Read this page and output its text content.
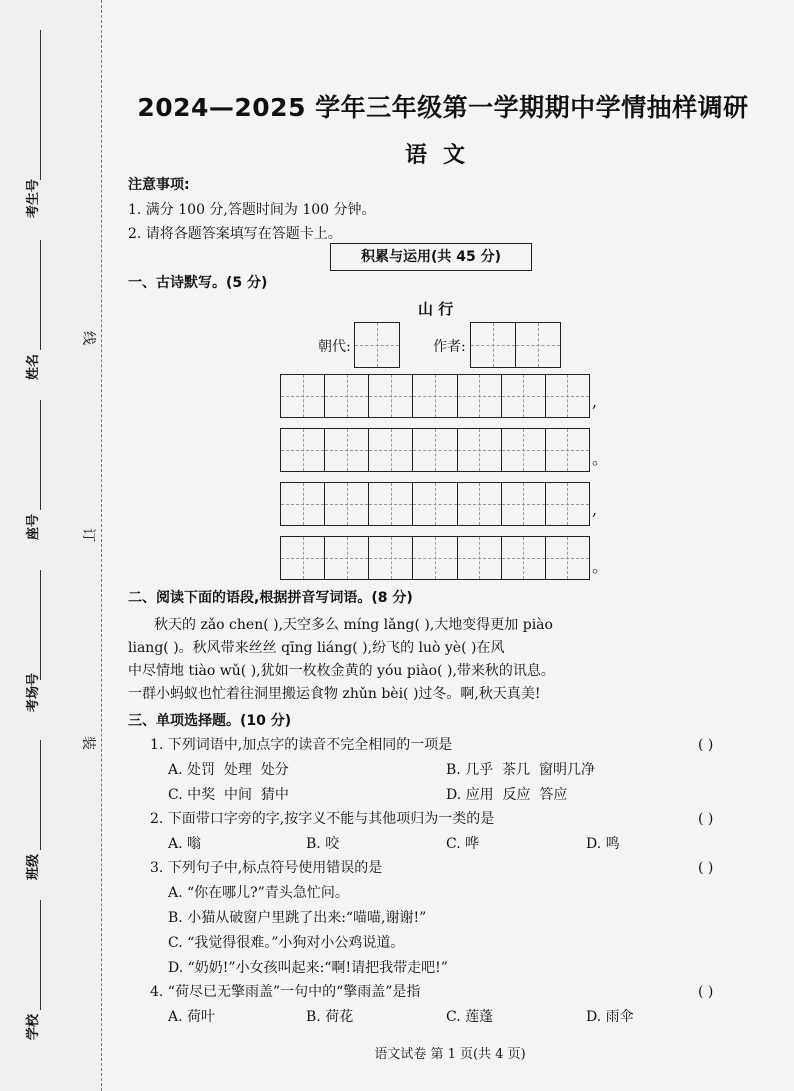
考生号
姓名
座号
考场号
班级
学校
线
订
装
2024—2025 学年三年级第一学期期中学情抽样调研
语文
注意事项:
1. 满分 100 分,答题时间为 100 分钟。
2. 请将各题答案填写在答题卡上。
积累与运用(共 45 分)
一、古诗默写。(5 分)
山 行
朝代:	作者:
,
。
,
。
二、阅读下面的语段,根据拼音写词语。(8 分)
秋天的 zǎo chen( ),天空多么 míng lǎng( ),大地变得更加 piào
liang( )。秋风带来丝丝 qīng liáng( ),纷飞的 luò yè( )在风
中尽情地 tiào wǔ( ),犹如一枚枚金黄的 yóu piào( ),带来秋的讯息。
一群小蚂蚁也忙着往洞里搬运食物 zhǔn bèi( )过冬。啊,秋天真美!
三、单项选择题。(10 分)
1. 下列词语中,加点字的读音不完全相同的一项是	( )
A. 处罚  处理  处分	B. 几乎  茶几  窗明几净
C. 中奖  中间  猜中	D. 应用  反应  答应
2. 下面带口字旁的字,按字义不能与其他项归为一类的是	( )
A. 嗡	B. 咬	C. 哗	D. 鸣
3. 下列句子中,标点符号使用错误的是	( )
A. “你在哪儿?”青头急忙问。
B. 小猫从破窗户里跳了出来:“喵喵,谢谢!”
C. “我觉得很难。”小狗对小公鸡说道。
D. “奶奶!”小女孩叫起来:“啊!请把我带走吧!”
4. “荷尽已无擎雨盖”一句中的“擎雨盖”是指	( )
A. 荷叶	B. 荷花	C. 莲蓬	D. 雨伞
语文试卷 第 1 页(共 4 页)
